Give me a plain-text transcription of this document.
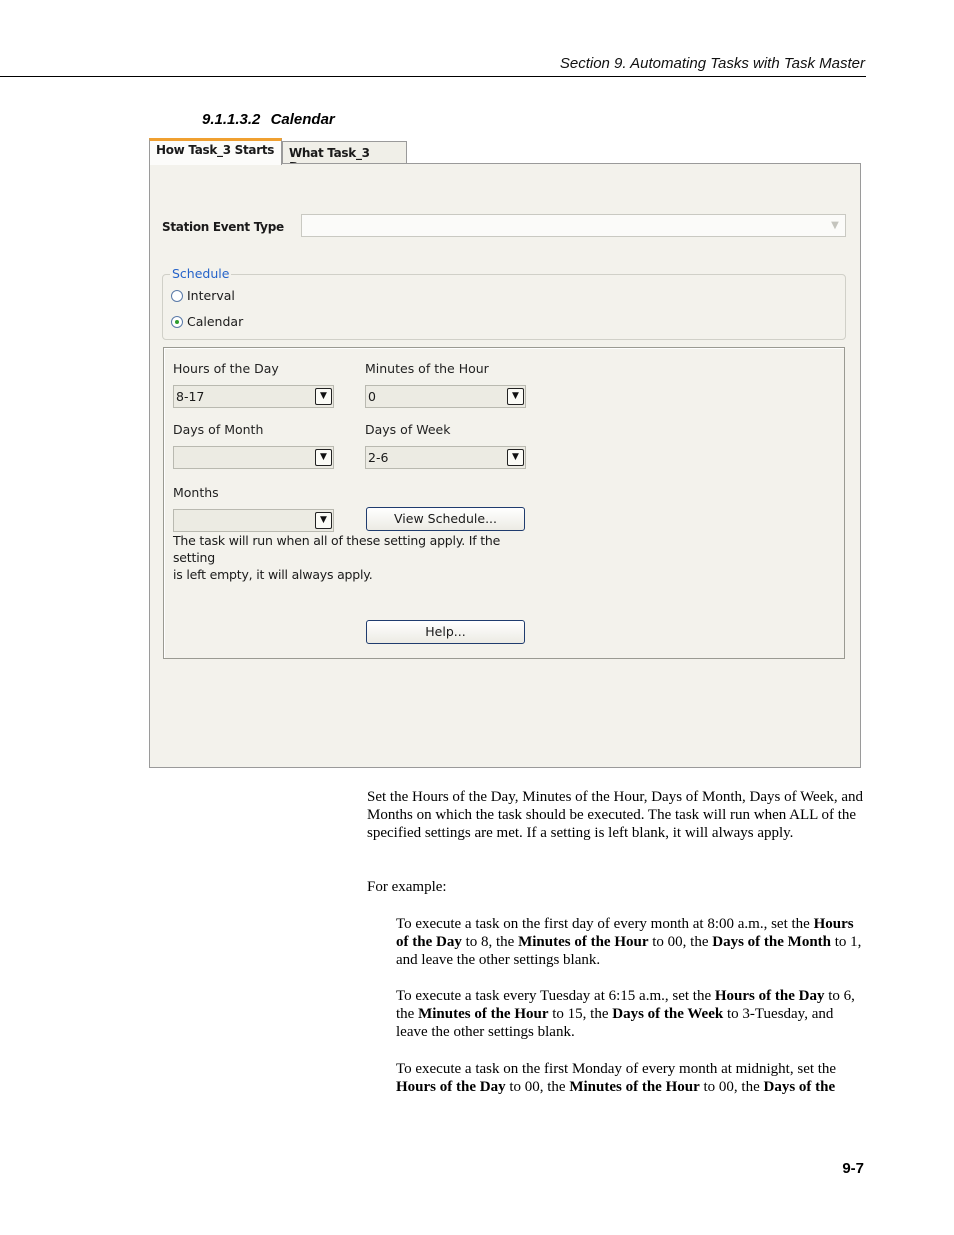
Section 9. Automating Tasks with Task Master
9.1.1.3.2 Calendar
How Task_3 Starts	What Task_3
Station Event Type	▼
Schedule
Interval
Calendar
Hours of the Day
8-17	▼
Minutes of the Hour
0	▼
Days of Month
▼
Days of Week
2-6	▼
Months
▼	View Schedule...
Help...
The task will run when all of these setting apply. If the setting
is left empty, it will always apply.
Set the Hours of the Day, Minutes of the Hour, Days of Month, Days of Week, and Months on which the task should be executed. The task will run when ALL of the specified settings are met. If a setting is left blank, it will always apply.
For example:
To execute a task on the first day of every month at 8:00 a.m., set the Hours of the Day to 8, the Minutes of the Hour to 00, the Days of the Month to 1, and leave the other settings blank.
To execute a task every Tuesday at 6:15 a.m., set the Hours of the Day to 6, the Minutes of the Hour to 15, the Days of the Week to 3-Tuesday, and leave the other settings blank.
To execute a task on the first Monday of every month at midnight, set the Hours of the Day to 00, the Minutes of the Hour to 00, the Days of the
9-7
